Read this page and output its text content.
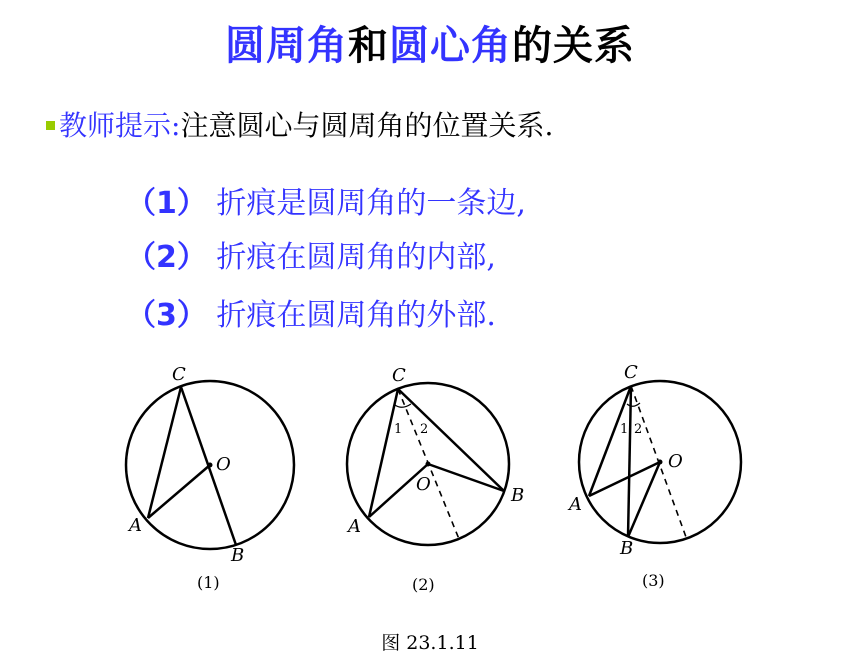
圆周角和圆心角的关系
教师提示:注意圆心与圆周角的位置关系.
（1） 折痕是圆周角的一条边,
（2） 折痕在圆周角的内部,
（3） 折痕在圆周角的外部.
C
O
A
B
(1)
C
1 2
O
A
B
(2)
C
1 2
O
A
B
(3)
图 23.1.11
